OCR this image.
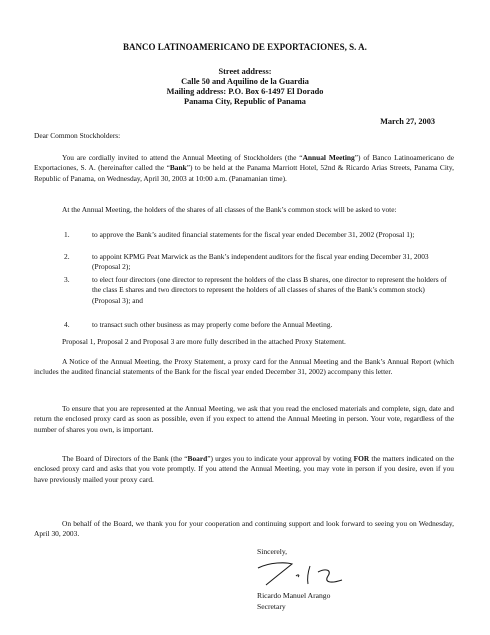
BANCO LATINOAMERICANO DE EXPORTACIONES, S. A.
Street address:
Calle 50 and Aquilino de la Guardia
Mailing address: P.O. Box 6-1497 El Dorado
Panama City, Republic of Panama
March 27, 2003

Dear Common Stockholders:

You are cordially invited to attend the Annual Meeting of Stockholders (the “Annual Meeting”) of Banco Latinoamericano de Exportaciones, S. A. (hereinafter called the “Bank”) to be held at the Panama Marriott Hotel, 52nd & Ricardo Arias Streets, Panama City, Republic of Panama, on Wednesday, April 30, 2003 at 10:00 a.m. (Panamanian time).

At the Annual Meeting, the holders of the shares of all classes of the Bank’s common stock will be asked to vote:

1.	to approve the Bank’s audited financial statements for the fiscal year ended December 31, 2002 (Proposal 1);

2.	to appoint KPMG Peat Marwick as the Bank’s independent auditors for the fiscal year ending December 31, 2003 (Proposal 2);

3.	to elect four directors (one director to represent the holders of the class B shares, one director to represent the holders of the class E shares and two directors to represent the holders of all classes of shares of the Bank’s common stock) (Proposal 3); and

4.	to transact such other business as may properly come before the Annual Meeting.

Proposal 1, Proposal 2 and Proposal 3 are more fully described in the attached Proxy Statement.

A Notice of the Annual Meeting, the Proxy Statement, a proxy card for the Annual Meeting and the Bank’s Annual Report (which includes the audited financial statements of the Bank for the fiscal year ended December 31, 2002) accompany this letter.

To ensure that you are represented at the Annual Meeting, we ask that you read the enclosed materials and complete, sign, date and return the enclosed proxy card as soon as possible, even if you expect to attend the Annual Meeting in person. Your vote, regardless of the number of shares you own, is important.

The Board of Directors of the Bank (the “Board”) urges you to indicate your approval by voting FOR the matters indicated on the enclosed proxy card and asks that you vote promptly. If you attend the Annual Meeting, you may vote in person if you desire, even if you have previously mailed your proxy card.

On behalf of the Board, we thank you for your cooperation and continuing support and look forward to seeing you on Wednesday, April 30, 2003.

Sincerely,
Ricardo Manuel Arango
Secretary
